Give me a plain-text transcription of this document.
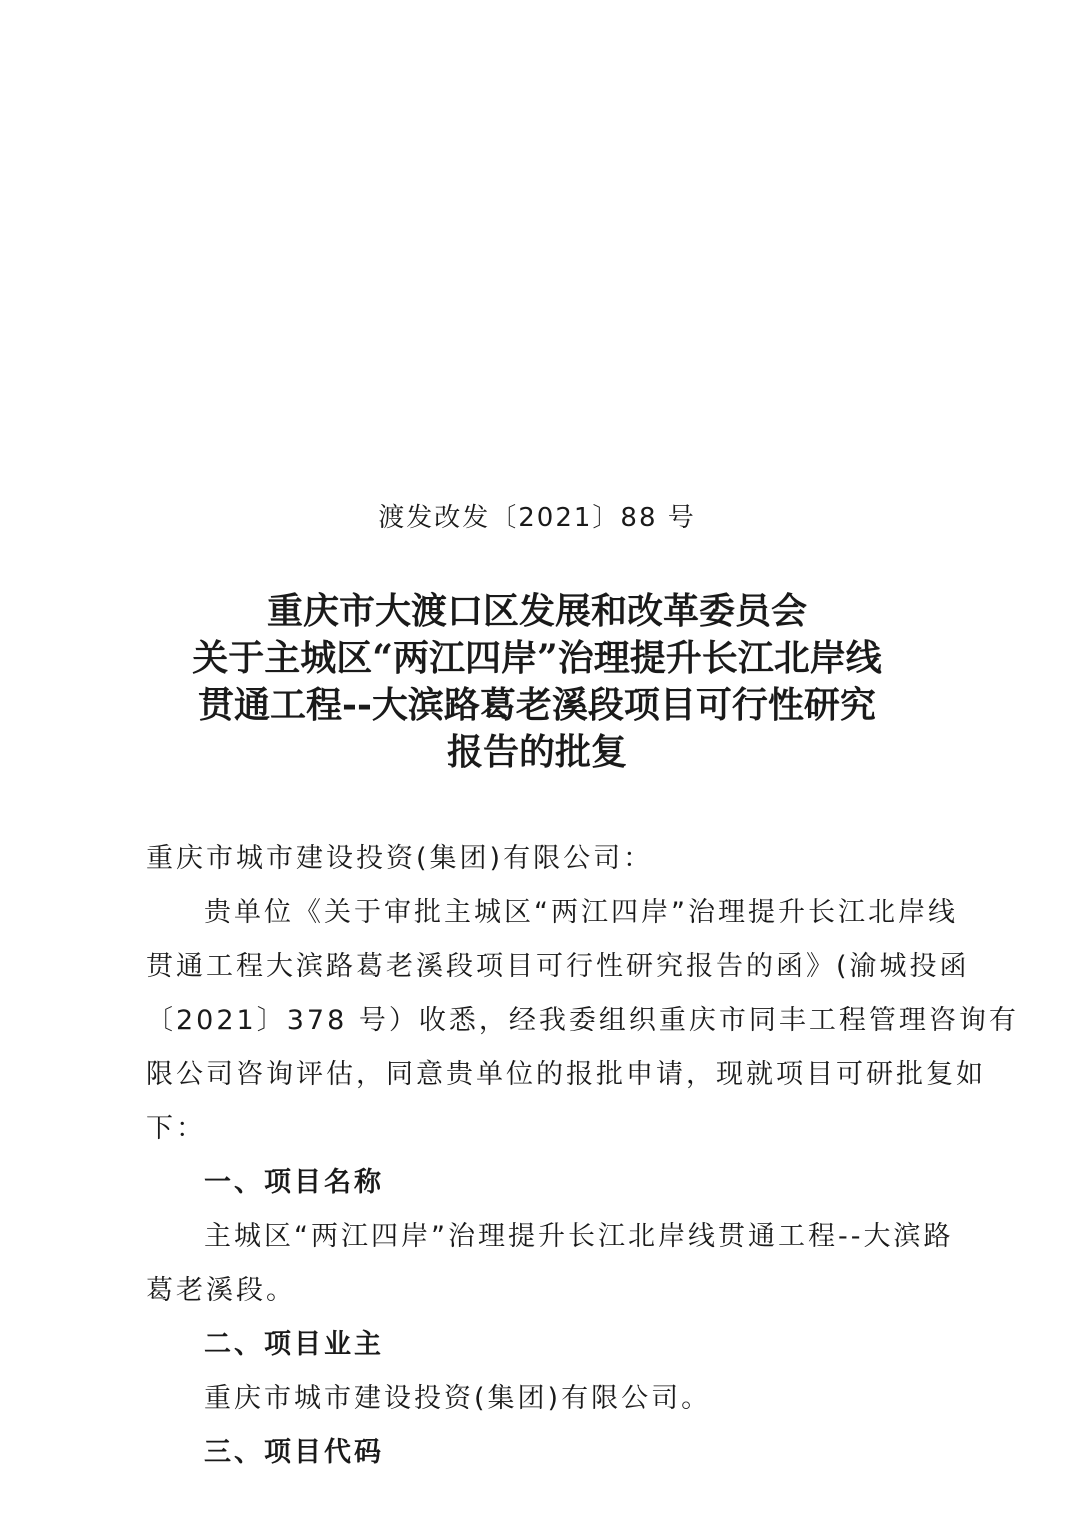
渡发改发〔2021〕88 号
重庆市大渡口区发展和改革委员会
关于主城区“两江四岸”治理提升长江北岸线
贯通工程--大滨路葛老溪段项目可行性研究
报告的批复
重庆市城市建设投资(集团)有限公司：
贵单位《关于审批主城区“两江四岸”治理提升长江北岸线
贯通工程大滨路葛老溪段项目可行性研究报告的函》(渝城投函
〔2021〕378 号）收悉，经我委组织重庆市同丰工程管理咨询有
限公司咨询评估，同意贵单位的报批申请，现就项目可研批复如
下：
一、项目名称
主城区“两江四岸”治理提升长江北岸线贯通工程--大滨路
葛老溪段。
二、项目业主
重庆市城市建设投资(集团)有限公司。
三、项目代码
